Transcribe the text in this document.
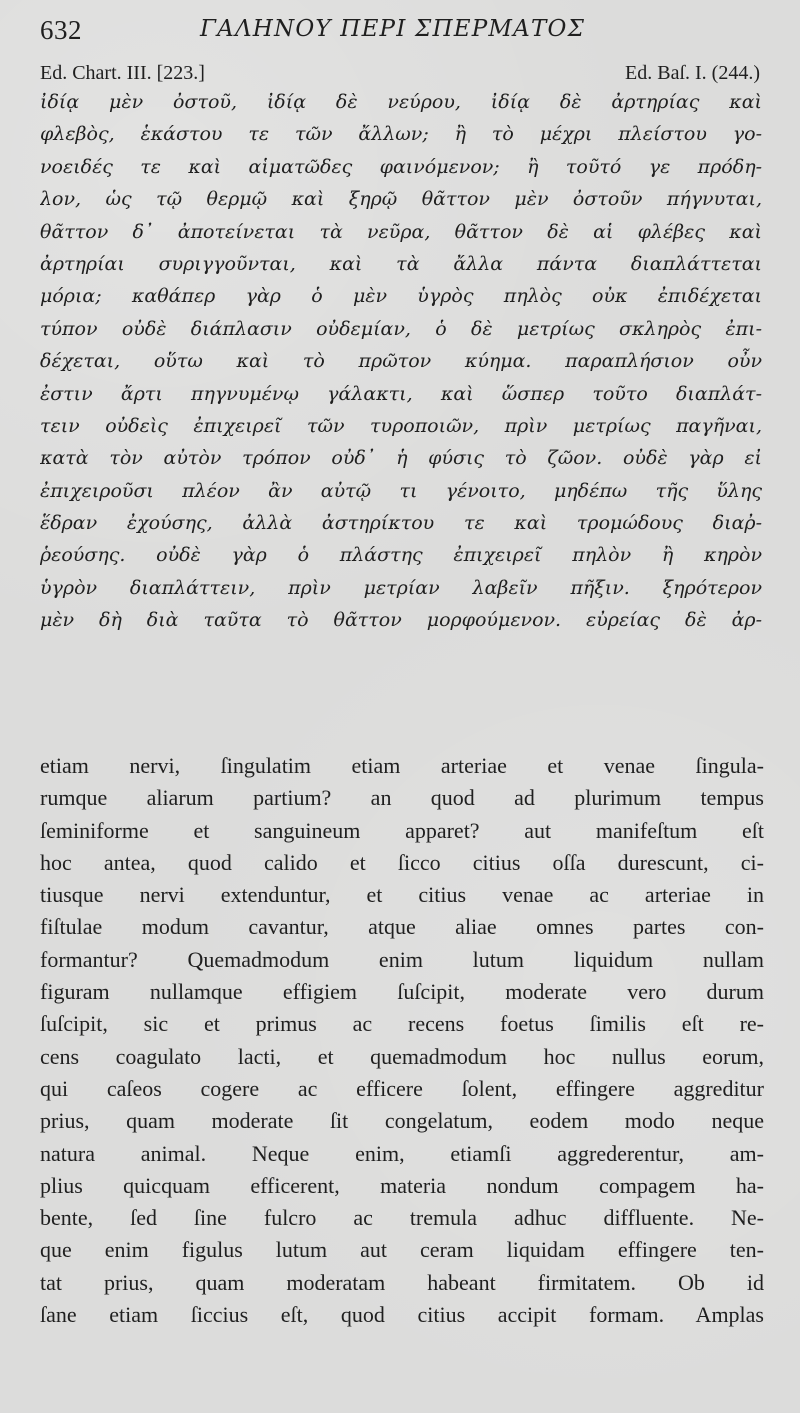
632	ΓΑΛΗΝΟΥ ΠΕΡΙ ΣΠΕΡΜΑΤΟΣ
Ed. Chart. III. [223.]	Ed. Baſ. I. (244.)
ἰδίᾳ μὲν ὀστοῦ, ἰδίᾳ δὲ νεύρου, ἰδίᾳ δὲ ἀρτηρίας καὶ
φλεβὸς, ἑκάστου τε τῶν ἄλλων; ἢ τὸ μέχρι πλείστου γο-
νοειδές τε καὶ αἱματῶδες φαινόμενον; ἢ τοῦτό γε πρόδη-
λον, ὡς τῷ θερμῷ καὶ ξηρῷ θᾶττον μὲν ὀστοῦν πήγνυται,
θᾶττον δ᾿ ἀποτείνεται τὰ νεῦρα, θᾶττον δὲ αἱ φλέβες καὶ
ἀρτηρίαι συριγγοῦνται, καὶ τὰ ἄλλα πάντα διαπλάττεται
μόρια; καθάπερ γὰρ ὁ μὲν ὑγρὸς πηλὸς οὐκ ἐπιδέχεται
τύπον οὐδὲ διάπλασιν οὐδεμίαν, ὁ δὲ μετρίως σκληρὸς ἐπι-
δέχεται, οὕτω καὶ τὸ πρῶτον κύημα. παραπλήσιον οὖν
ἐστιν ἄρτι πηγνυμένῳ γάλακτι, καὶ ὥσπερ τοῦτο διαπλάτ-
τειν οὐδεὶς ἐπιχειρεῖ τῶν τυροποιῶν, πρὶν μετρίως παγῆναι,
κατὰ τὸν αὐτὸν τρόπον οὐδ᾿ ἡ φύσις τὸ ζῶον. οὐδὲ γὰρ εἰ
ἐπιχειροῦσι πλέον ἂν αὐτῷ τι γένοιτο, μηδέπω τῆς ὕλης
ἕδραν ἐχούσης, ἀλλὰ ἀστηρίκτου τε καὶ τρομώδους διαῤ-
ῥεούσης. οὐδὲ γὰρ ὁ πλάστης ἐπιχειρεῖ πηλὸν ἢ κηρὸν
ὑγρὸν διαπλάττειν, πρὶν μετρίαν λαβεῖν πῆξιν. ξηρότερον
μὲν δὴ διὰ ταῦτα τὸ θᾶττον μορφούμενον. εὐρείας δὲ ἀρ-
etiam nervi, ſingulatim etiam arteriae et venae ſingula-
rumque aliarum partium? an quod ad plurimum tempus
ſeminiforme et sanguineum apparet? aut manifeſtum eſt
hoc antea, quod calido et ſicco citius oſſa durescunt, ci-
tiusque nervi extenduntur, et citius venae ac arteriae in
fiſtulae modum cavantur, atque aliae omnes partes con-
formantur? Quemadmodum enim lutum liquidum nullam
figuram nullamque effigiem ſuſcipit, moderate vero durum
ſuſcipit, sic et primus ac recens foetus ſimilis eſt re-
cens coagulato lacti, et quemadmodum hoc nullus eorum,
qui caſeos cogere ac efficere ſolent, effingere aggreditur
prius, quam moderate ſit congelatum, eodem modo neque
natura animal. Neque enim, etiamſi aggrederentur, am-
plius quicquam efficerent, materia nondum compagem ha-
bente, ſed ſine fulcro ac tremula adhuc diffluente. Ne-
que enim figulus lutum aut ceram liquidam effingere ten-
tat prius, quam moderatam habeant firmitatem. Ob id
ſane etiam ſiccius eſt, quod citius accipit formam. Amplas
